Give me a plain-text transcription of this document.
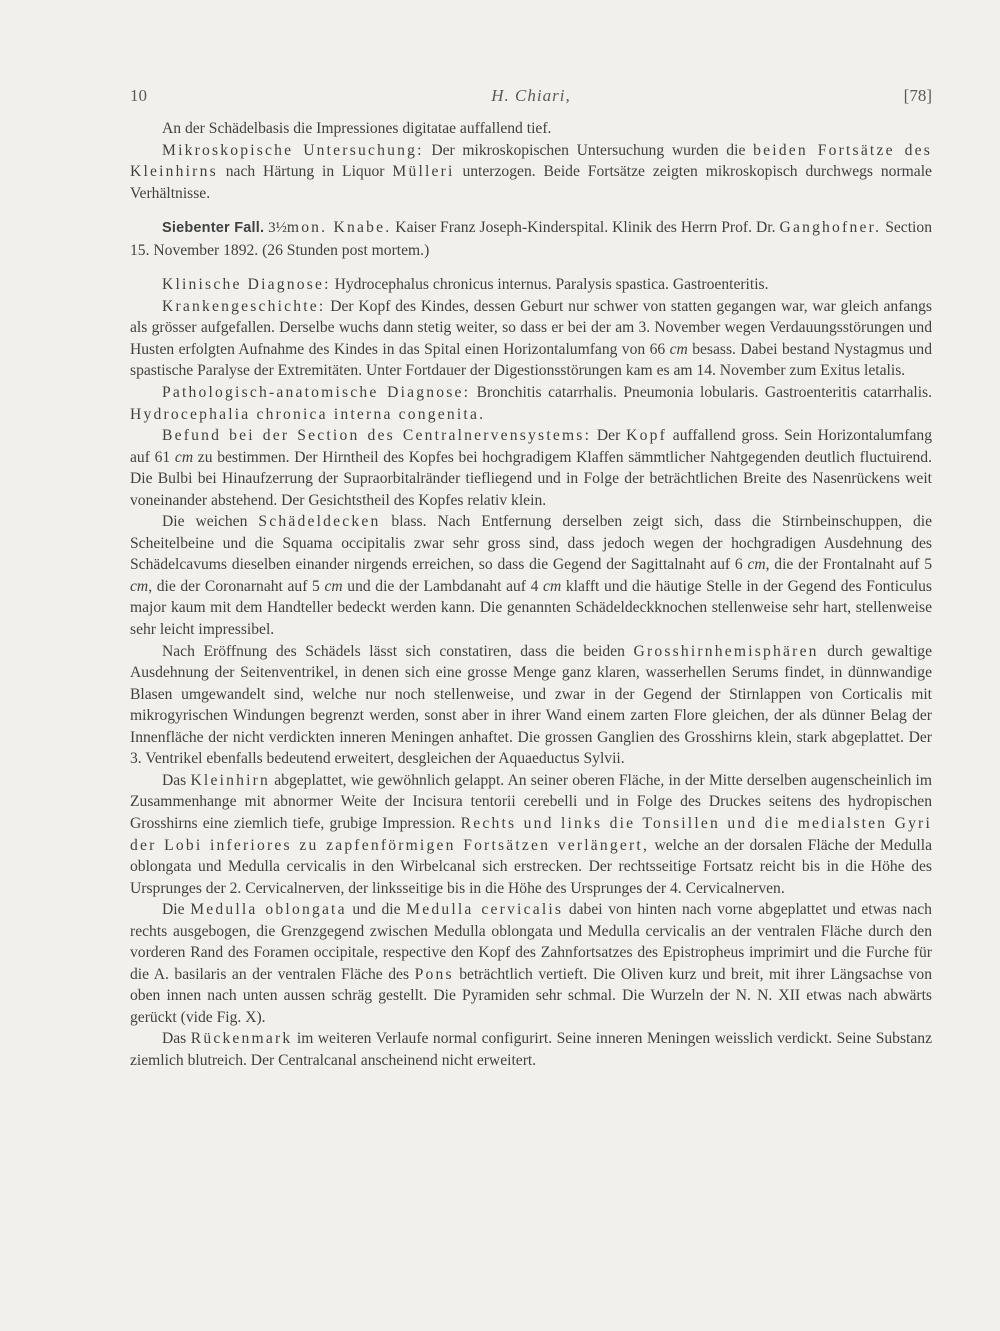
10	H. Chiari,	[78]

An der Schädelbasis die Impressiones digitatae auffallend tief.

Mikroskopische Untersuchung: Der mikroskopischen Untersuchung wurden die beiden Fortsätze des Kleinhirns nach Härtung in Liquor Mülleri unterzogen. Beide Fortsätze zeigten mikroskopisch durchwegs normale Verhältnisse.

Siebenter Fall. 3½mon. Knabe. Kaiser Franz Joseph-Kinderspital. Klinik des Herrn Prof. Dr. Ganghofner. Section 15. November 1892. (26 Stunden post mortem.)

Klinische Diagnose: Hydrocephalus chronicus internus. Paralysis spastica. Gastroenteritis.

Krankengeschichte: Der Kopf des Kindes, dessen Geburt nur schwer von statten gegangen war, war gleich anfangs als grösser aufgefallen. Derselbe wuchs dann stetig weiter, so dass er bei der am 3. November wegen Verdauungsstörungen und Husten erfolgten Aufnahme des Kindes in das Spital einen Horizontalumfang von 66 cm besass. Dabei bestand Nystagmus und spastische Paralyse der Extremitäten. Unter Fortdauer der Digestionsstörungen kam es am 14. November zum Exitus letalis.

Pathologisch-anatomische Diagnose: Bronchitis catarrhalis. Pneumonia lobularis. Gastroenteritis catarrhalis. Hydrocephalia chronica interna congenita.

Befund bei der Section des Centralnervensystems: Der Kopf auffallend gross. Sein Horizontalumfang auf 61 cm zu bestimmen. Der Hirntheil des Kopfes bei hochgradigem Klaffen sämmtlicher Nahtgegenden deutlich fluctuirend. Die Bulbi bei Hinaufzerrung der Supraorbitalränder tiefliegend und in Folge der beträchtlichen Breite des Nasenrückens weit voneinander abstehend. Der Gesichtstheil des Kopfes relativ klein.

Die weichen Schädeldecken blass. Nach Entfernung derselben zeigt sich, dass die Stirnbeinschuppen, die Scheitelbeine und die Squama occipitalis zwar sehr gross sind, dass jedoch wegen der hochgradigen Ausdehnung des Schädelcavums dieselben einander nirgends erreichen, so dass die Gegend der Sagittalnaht auf 6 cm, die der Frontalnaht auf 5 cm, die der Coronarnaht auf 5 cm und die der Lambdanaht auf 4 cm klafft und die häutige Stelle in der Gegend des Fonticulus major kaum mit dem Handteller bedeckt werden kann. Die genannten Schädeldeckknochen stellenweise sehr hart, stellenweise sehr leicht impressibel.

Nach Eröffnung des Schädels lässt sich constatiren, dass die beiden Grosshirnhemisphären durch gewaltige Ausdehnung der Seitenventrikel, in denen sich eine grosse Menge ganz klaren, wasserhellen Serums findet, in dünnwandige Blasen umgewandelt sind, welche nur noch stellenweise, und zwar in der Gegend der Stirnlappen von Corticalis mit mikrogyrischen Windungen begrenzt werden, sonst aber in ihrer Wand einem zarten Flore gleichen, der als dünner Belag der Innenfläche der nicht verdickten inneren Meningen anhaftet. Die grossen Ganglien des Grosshirns klein, stark abgeplattet. Der 3. Ventrikel ebenfalls bedeutend erweitert, desgleichen der Aquaeductus Sylvii.

Das Kleinhirn abgeplattet, wie gewöhnlich gelappt. An seiner oberen Fläche, in der Mitte derselben augenscheinlich im Zusammenhange mit abnormer Weite der Incisura tentorii cerebelli und in Folge des Druckes seitens des hydropischen Grosshirns eine ziemlich tiefe, grubige Impression. Rechts und links die Tonsillen und die medialsten Gyri der Lobi inferiores zu zapfenförmigen Fortsätzen verlängert, welche an der dorsalen Fläche der Medulla oblongata und Medulla cervicalis in den Wirbelcanal sich erstrecken. Der rechtsseitige Fortsatz reicht bis in die Höhe des Ursprunges der 2. Cervicalnerven, der linksseitige bis in die Höhe des Ursprunges der 4. Cervicalnerven.

Die Medulla oblongata und die Medulla cervicalis dabei von hinten nach vorne abgeplattet und etwas nach rechts ausgebogen, die Grenzgegend zwischen Medulla oblongata und Medulla cervicalis an der ventralen Fläche durch den vorderen Rand des Foramen occipitale, respective den Kopf des Zahnfortsatzes des Epistropheus imprimirt und die Furche für die A. basilaris an der ventralen Fläche des Pons beträchtlich vertieft. Die Oliven kurz und breit, mit ihrer Längsachse von oben innen nach unten aussen schräg gestellt. Die Pyramiden sehr schmal. Die Wurzeln der N. N. XII etwas nach abwärts gerückt (vide Fig. X).

Das Rückenmark im weiteren Verlaufe normal configurirt. Seine inneren Meningen weisslich verdickt. Seine Substanz ziemlich blutreich. Der Centralcanal anscheinend nicht erweitert.
